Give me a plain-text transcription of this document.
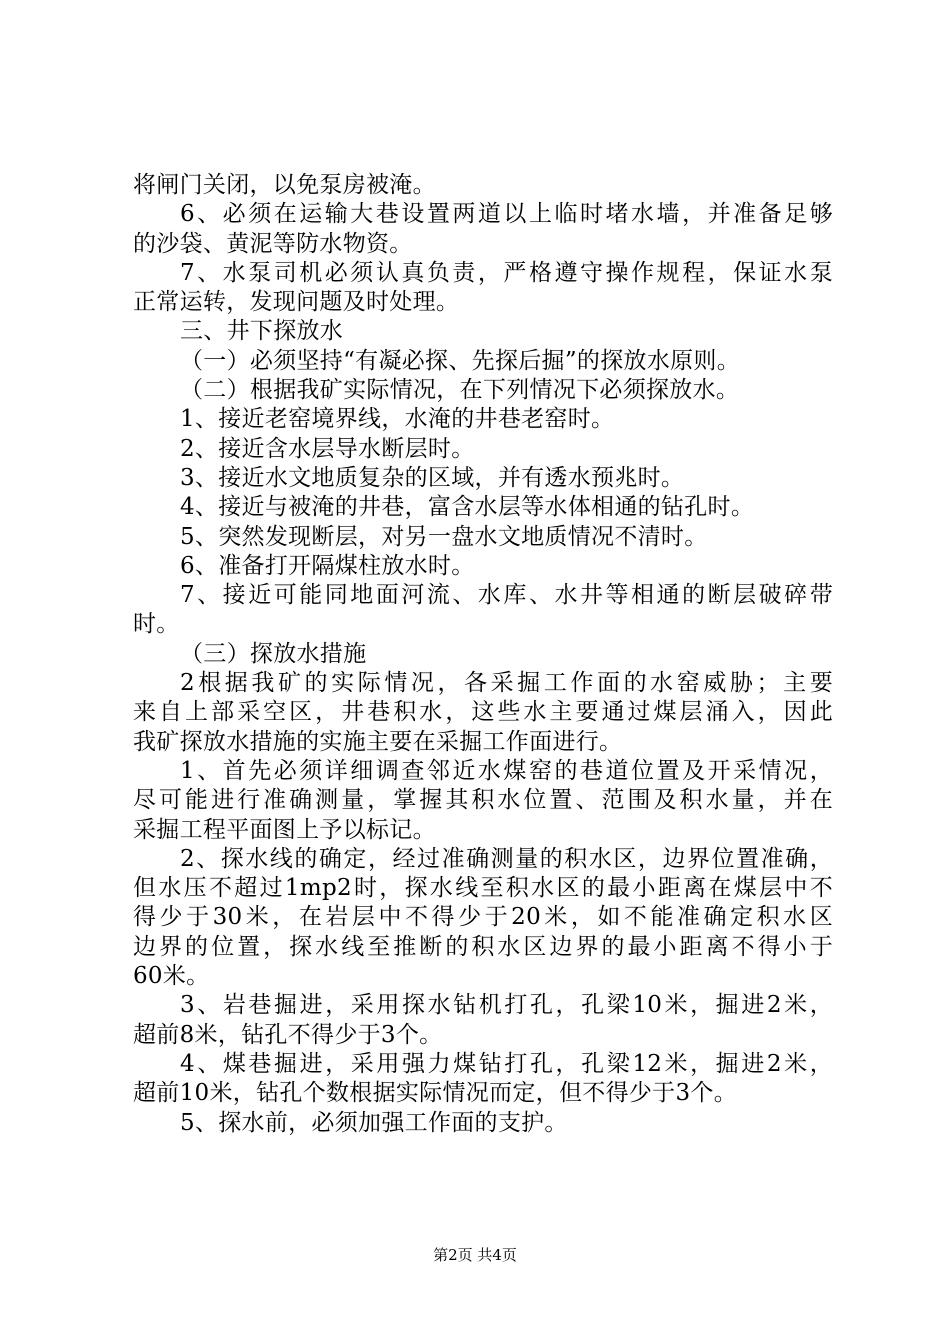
将闸门关闭，以免泵房被淹。
6、必须在运输大巷设置两道以上临时堵水墙，并准备足够
的沙袋、黄泥等防水物资。
7、水泵司机必须认真负责，严格遵守操作规程，保证水泵
正常运转，发现问题及时处理。
三、井下探放水
（一）必须坚持“有凝必探、先探后掘”的探放水原则。
（二）根据我矿实际情况，在下列情况下必须探放水。
1、接近老窑境界线，水淹的井巷老窑时。
2、接近含水层导水断层时。
3、接近水文地质复杂的区域，并有透水预兆时。
4、接近与被淹的井巷，富含水层等水体相通的钻孔时。
5、突然发现断层，对另一盘水文地质情况不清时。
6、准备打开隔煤柱放水时。
7、接近可能同地面河流、水库、水井等相通的断层破碎带
时。
（三）探放水措施
2根据我矿的实际情况，各采掘工作面的水窑威胁；主要
来自上部采空区，井巷积水，这些水主要通过煤层涌入，因此
我矿探放水措施的实施主要在采掘工作面进行。
1、首先必须详细调查邻近水煤窑的巷道位置及开采情况，
尽可能进行准确测量，掌握其积水位置、范围及积水量，并在
采掘工程平面图上予以标记。
2、探水线的确定，经过准确测量的积水区，边界位置准确，
但水压不超过1mp2时，探水线至积水区的最小距离在煤层中不
得少于30米，在岩层中不得少于20米，如不能准确定积水区
边界的位置，探水线至推断的积水区边界的最小距离不得小于
60米。
3、岩巷掘进，采用探水钻机打孔，孔梁10米，掘进2米，
超前8米，钻孔不得少于3个。
4、煤巷掘进，采用强力煤钻打孔，孔梁12米，掘进2米，
超前10米，钻孔个数根据实际情况而定，但不得少于3个。
5、探水前，必须加强工作面的支护。
第2页 共4页
